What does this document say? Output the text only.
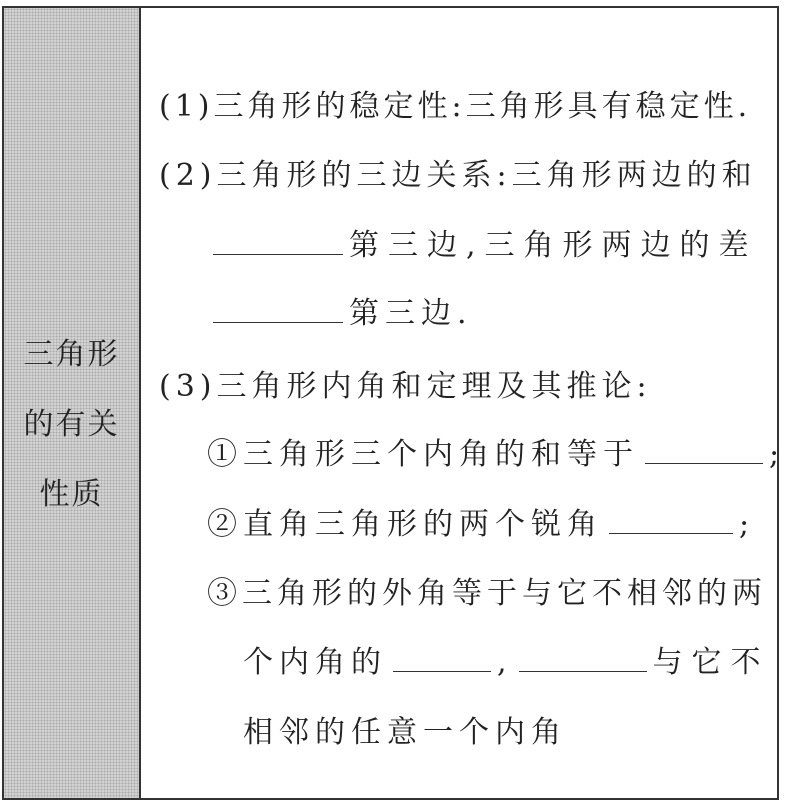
三角形
的有关
性质
(1)三角形的稳定性:三角形具有稳定性.
(2)三角形的三边关系:三角形两边的和
第三边,三角形两边的差
第三边.
(3)三角形内角和定理及其推论:
①三角形三个内角的和等于	;
②直角三角形的两个锐角	;
③三角形的外角等于与它不相邻的两
个内角的	,	与它不
相邻的任意一个内角
